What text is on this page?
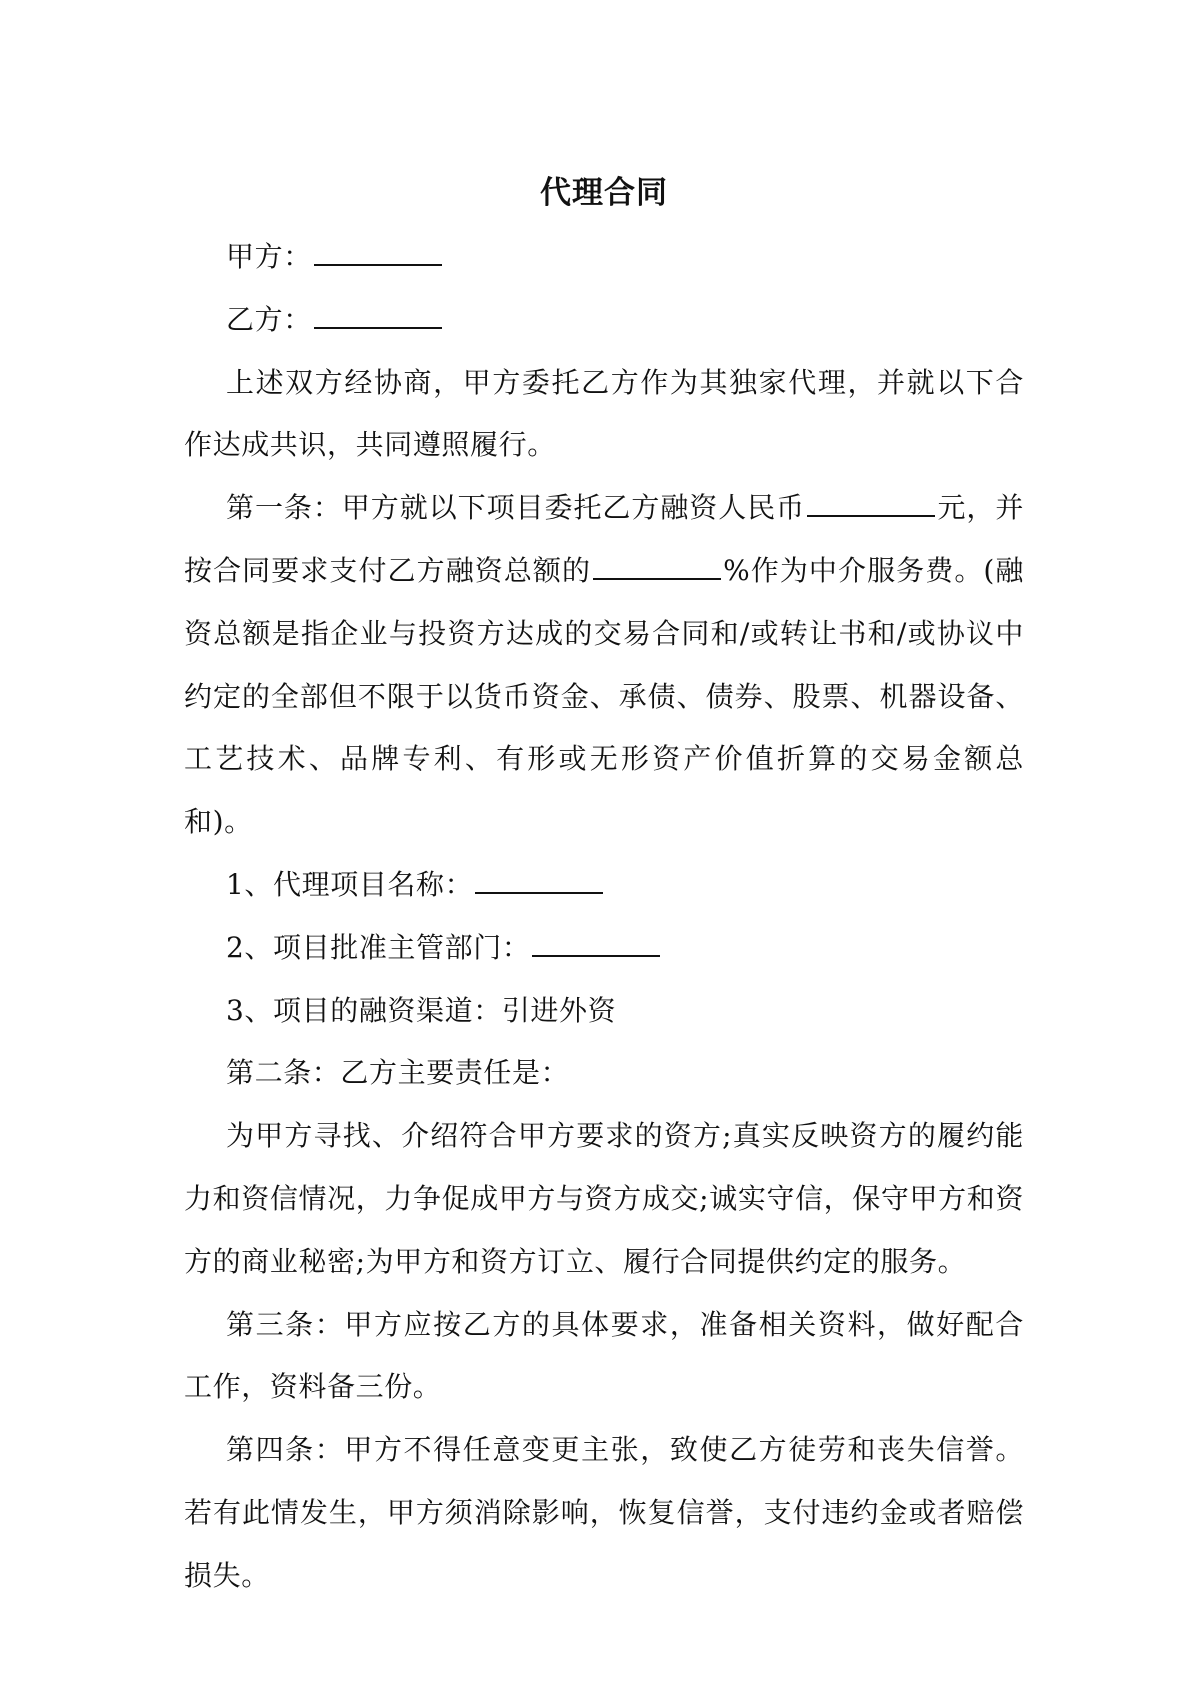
代理合同

甲方：

乙方：

上述双方经协商，甲方委托乙方作为其独家代理，并就以下合作达成共识，共同遵照履行。

第一条：甲方就以下项目委托乙方融资人民币	元，并按合同要求支付乙方融资总额的	%作为中介服务费。(融资总额是指企业与投资方达成的交易合同和/或转让书和/或协议中约定的全部但不限于以货币资金、承债、债券、股票、机器设备、工艺技术、品牌专利、有形或无形资产价值折算的交易金额总和)。

1、代理项目名称：

2、项目批准主管部门：

3、项目的融资渠道：引进外资

第二条：乙方主要责任是：

为甲方寻找、介绍符合甲方要求的资方;真实反映资方的履约能力和资信情况，力争促成甲方与资方成交;诚实守信，保守甲方和资方的商业秘密;为甲方和资方订立、履行合同提供约定的服务。

第三条：甲方应按乙方的具体要求，准备相关资料，做好配合工作，资料备三份。

第四条：甲方不得任意变更主张，致使乙方徒劳和丧失信誉。若有此情发生，甲方须消除影响，恢复信誉，支付违约金或者赔偿损失。
